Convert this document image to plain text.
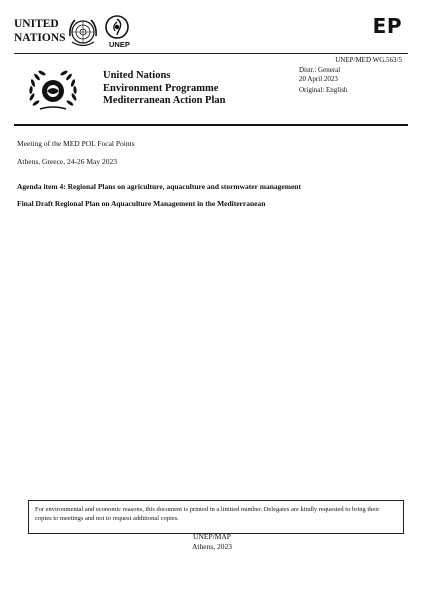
UNITED
NATIONS
UNEP
EP
UNEP/MED WG.563/5
United Nations
Environment Programme
Mediterranean Action Plan
Distr.: General
20 April 2023
Original: English
Meeting of the MED POL Focal Points
Athens, Greece, 24-26 May 2023
Agenda item 4: Regional Plans on agriculture, aquaculture and stormwater management
Final Draft Regional Plan on Aquaculture Management in the Mediterranean
For environmental and economic reasons, this document is printed in a limited number. Delegates are kindly requested to bring their copies to meetings and not to request additional copies.
UNEP/MAP
Athens, 2023
